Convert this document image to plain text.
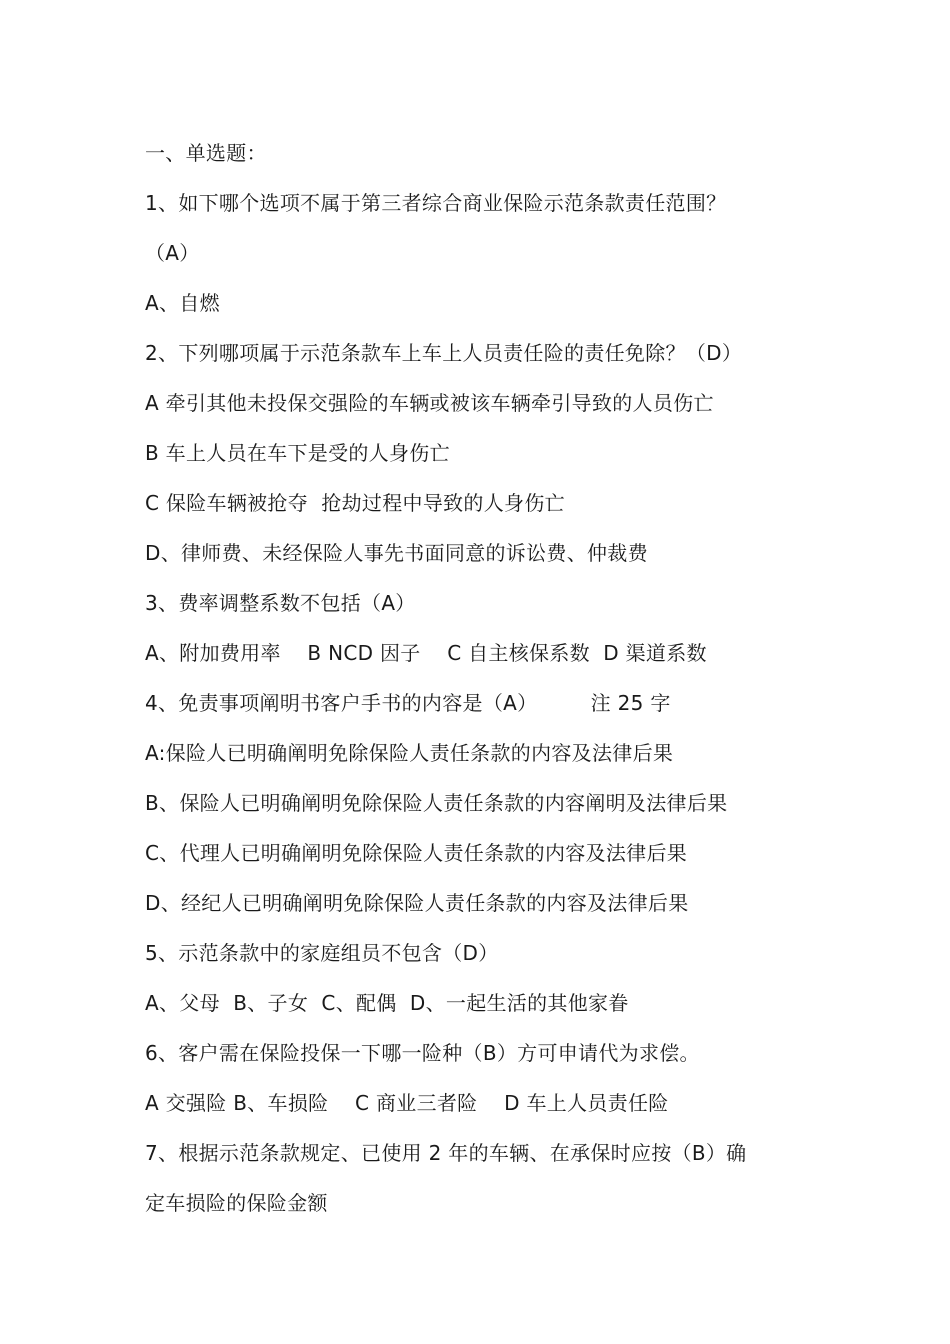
一、单选题：
1、如下哪个选项不属于第三者综合商业保险示范条款责任范围？
（A）
A、自燃
2、下列哪项属于示范条款车上车上人员责任险的责任免除？（D）
A 牵引其他未投保交强险的车辆或被该车辆牵引导致的人员伤亡
B 车上人员在车下是受的人身伤亡
C 保险车辆被抢夺  抢劫过程中导致的人身伤亡
D、律师费、未经保险人事先书面同意的诉讼费、仲裁费
3、费率调整系数不包括（A）
A、附加费用率    B NCD 因子    C 自主核保系数  D 渠道系数
4、免责事项阐明书客户手书的内容是（A）        注 25 字
A:保险人已明确阐明免除保险人责任条款的内容及法律后果
B、保险人已明确阐明免除保险人责任条款的内容阐明及法律后果
C、代理人已明确阐明免除保险人责任条款的内容及法律后果
D、经纪人已明确阐明免除保险人责任条款的内容及法律后果
5、示范条款中的家庭组员不包含（D）
A、父母  B、子女  C、配偶  D、一起生活的其他家眷
6、客户需在保险投保一下哪一险种（B）方可申请代为求偿。
A 交强险 B、车损险    C 商业三者险    D 车上人员责任险
7、根据示范条款规定、已使用 2 年的车辆、在承保时应按（B）确
定车损险的保险金额
